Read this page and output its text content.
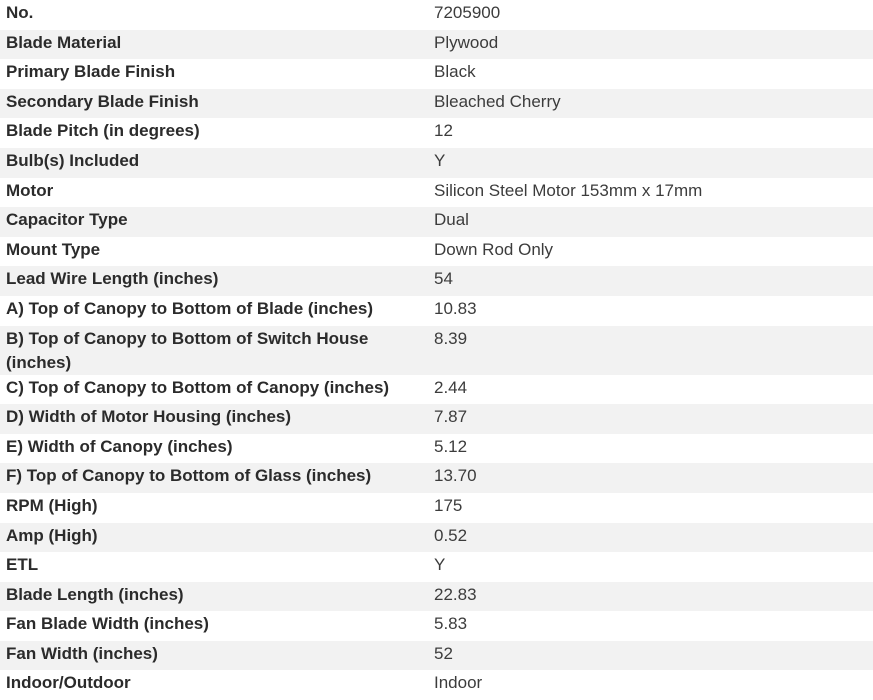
No.	7205900
Blade Material	Plywood
Primary Blade Finish	Black
Secondary Blade Finish	Bleached Cherry
Blade Pitch (in degrees)	12
Bulb(s) Included	Y
Motor	Silicon Steel Motor 153mm x 17mm
Capacitor Type	Dual
Mount Type	Down Rod Only
Lead Wire Length (inches)	54
A) Top of Canopy to Bottom of Blade (inches)	10.83
B) Top of Canopy to Bottom of Switch House (inches)	8.39
C) Top of Canopy to Bottom of Canopy (inches)	2.44
D) Width of Motor Housing (inches)	7.87
E) Width of Canopy (inches)	5.12
F) Top of Canopy to Bottom of Glass (inches)	13.70
RPM (High)	175
Amp (High)	0.52
ETL	Y
Blade Length (inches)	22.83
Fan Blade Width (inches)	5.83
Fan Width (inches)	52
Indoor/Outdoor	Indoor
